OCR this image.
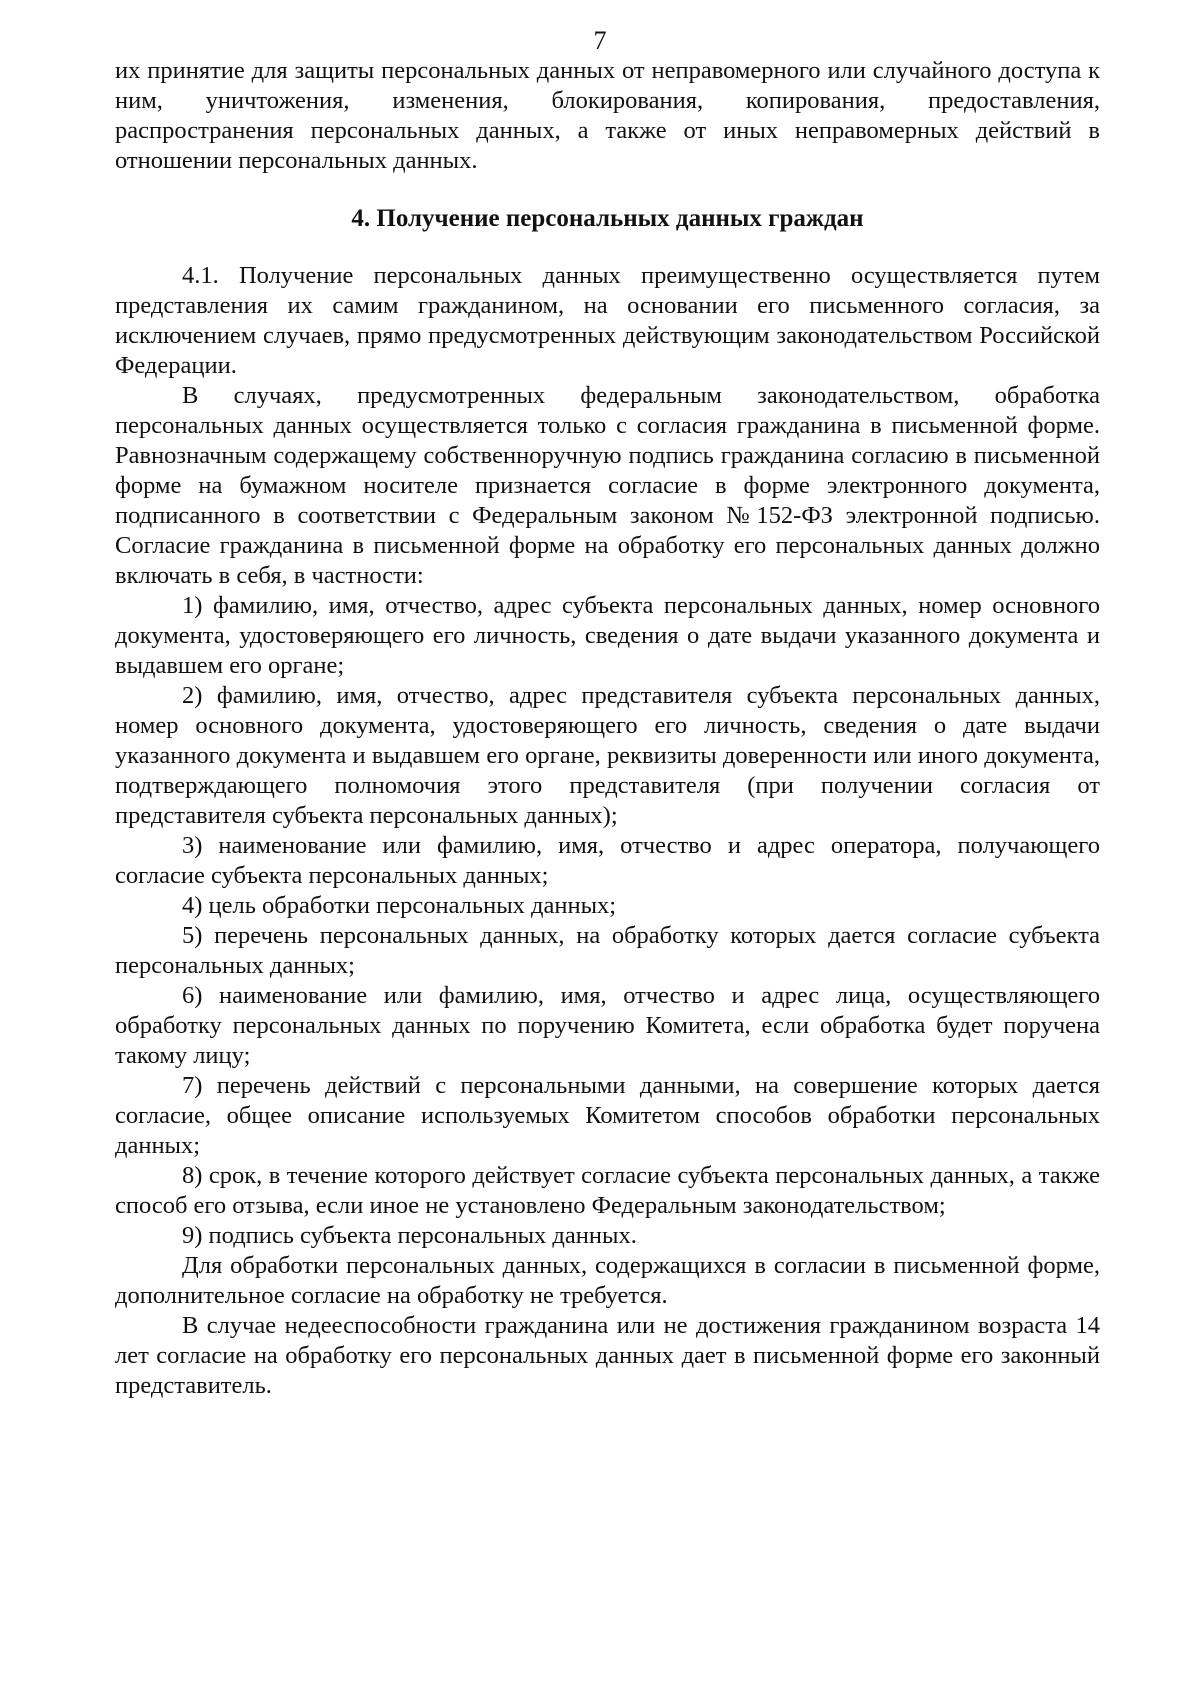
7

их принятие для защиты персональных данных от неправомерного или случайного доступа к ним, уничтожения, изменения, блокирования, копирования, предоставления, распространения персональных данных, а также от иных неправомерных действий в отношении персональных данных.

4. Получение персональных данных граждан

4.1. Получение персональных данных преимущественно осуществляется путем представления их самим гражданином, на основании его письменного согласия, за исключением случаев, прямо предусмотренных действующим законодательством Российской Федерации.

В случаях, предусмотренных федеральным законодательством, обработка персональных данных осуществляется только с согласия гражданина в письменной форме. Равнозначным содержащему собственноручную подпись гражданина согласию в письменной форме на бумажном носителе признается согласие в форме электронного документа, подписанного в соответствии с Федеральным законом №152-ФЗ электронной подписью. Согласие гражданина в письменной форме на обработку его персональных данных должно включать в себя, в частности:

1) фамилию, имя, отчество, адрес субъекта персональных данных, номер основного документа, удостоверяющего его личность, сведения о дате выдачи указанного документа и выдавшем его органе;

2) фамилию, имя, отчество, адрес представителя субъекта персональных данных, номер основного документа, удостоверяющего его личность, сведения о дате выдачи указанного документа и выдавшем его органе, реквизиты доверенности или иного документа, подтверждающего полномочия этого представителя (при получении согласия от представителя субъекта персональных данных);

3) наименование или фамилию, имя, отчество и адрес оператора, получающего согласие субъекта персональных данных;

4) цель обработки персональных данных;

5) перечень персональных данных, на обработку которых дается согласие субъекта персональных данных;

6) наименование или фамилию, имя, отчество и адрес лица, осуществляющего обработку персональных данных по поручению Комитета, если обработка будет поручена такому лицу;

7) перечень действий с персональными данными, на совершение которых дается согласие, общее описание используемых Комитетом способов обработки персональных данных;

8) срок, в течение которого действует согласие субъекта персональных данных, а также способ его отзыва, если иное не установлено Федеральным законодательством;

9) подпись субъекта персональных данных.

Для обработки персональных данных, содержащихся в согласии в письменной форме, дополнительное согласие на обработку не требуется.

В случае недееспособности гражданина или не достижения гражданином возраста 14 лет согласие на обработку его персональных данных дает в письменной форме его законный представитель.
